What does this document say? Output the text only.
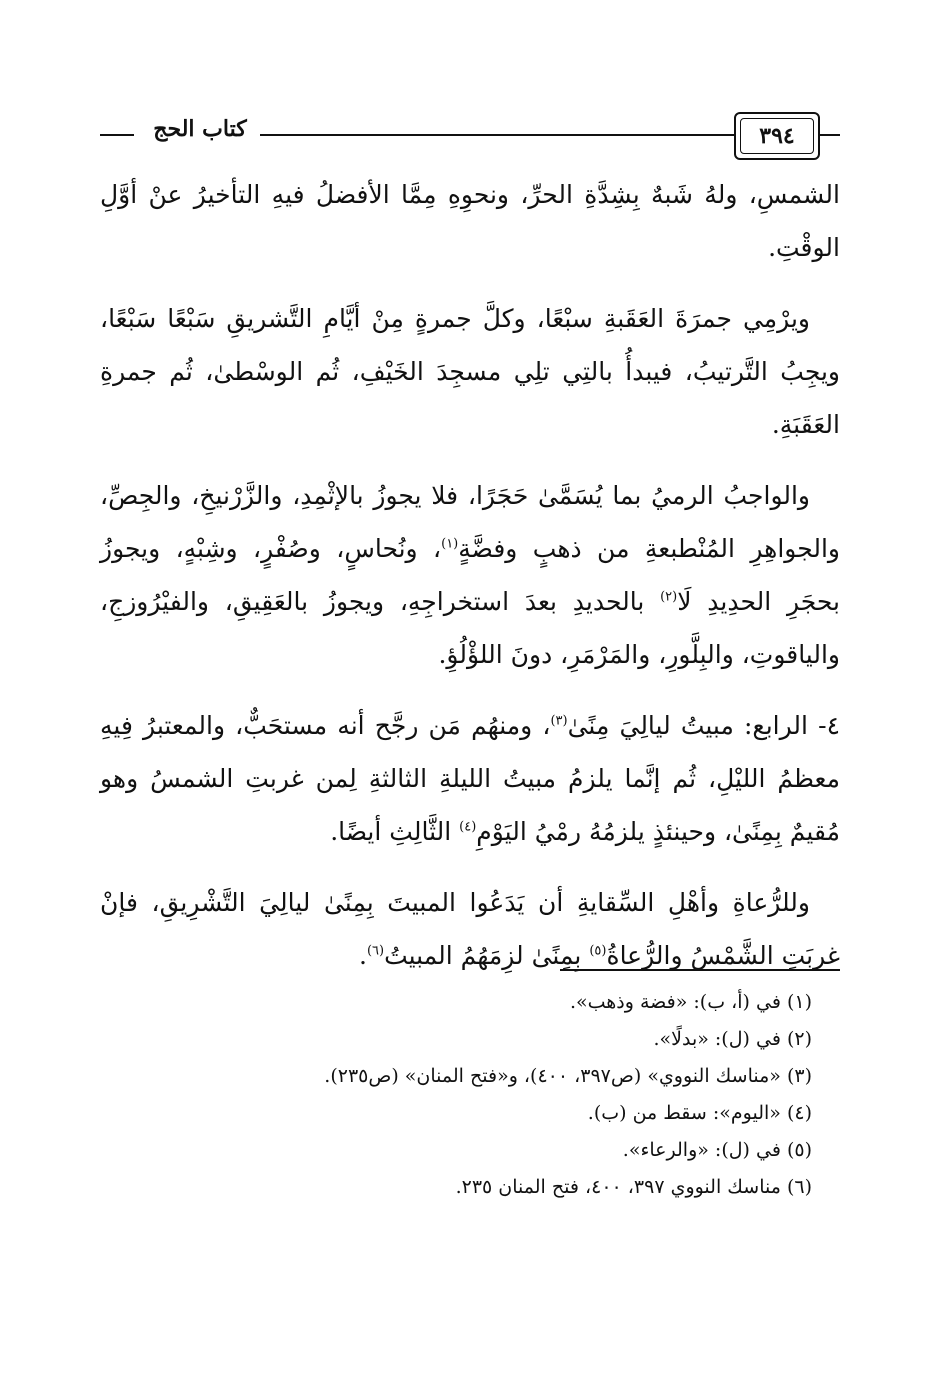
كتاب الحج	٣٩٤

الشمسِ، ولهُ شَبهٌ بِشِدَّةِ الحرِّ، ونحوِهِ مِمَّا الأفضلُ فيهِ التأخيرُ عنْ أوَّلِ الوقْتِ.

ويرْمِي جمرَةَ العَقَبةِ سبْعًا، وكلَّ جمرةٍ مِنْ أيَّامِ التَّشريقِ سَبْعًا سَبْعًا، ويجِبُ التَّرتيبُ، فيبدأُ بالتِي تلِي مسجِدَ الخَيْفِ، ثُم الوسْطىٰ، ثُم جمرةِ العَقَبَةِ.

والواجبُ الرميُ بما يُسَمَّىٰ حَجَرًا، فلا يجوزُ بالإثْمِدِ، والزَّرْنيخِ، والجِصِّ، والجواهِرِ المُنْطبعةِ من ذهبٍ وفضَّةٍ$^{(١)}$، ونُحاسٍ، وصُفْرٍ، وشِبْهٍ، ويجوزُ بحجَرِ الحدِيدِ لَا$^{(٢)}$ بالحديدِ بعدَ استخراجِهِ، ويجوزُ بالعَقِيقِ، والفيْرُوزجِ، والياقوتِ، والبِلَّورِ، والمَرْمَرِ، دونَ اللؤْلُؤِ.

٤- الرابع: مبيتُ ليالِيَ مِنًىٰ$^{(٣)}$، ومنهُم مَن رجَّح أنه مستحَبٌّ، والمعتبرُ فِيهِ معظمُ الليْلِ، ثُم إنَّما يلزمُ مبيتُ الليلةِ الثالثةِ لِمن غربتِ الشمسُ وهو مُقيمٌ بِمِنًىٰ، وحينئذٍ يلزمُهُ رمْيُ اليَوْمِ$^{(٤)}$ الثَّالِثِ أيضًا.

وللرُّعاةِ وأهْلِ السِّقايةِ أن يَدَعُوا المبيتَ بِمِنًىٰ ليالِيَ التَّشْرِيقِ، فإنْ غربَتِ الشَّمْسُ والرُّعاةُ$^{(٥)}$ بِمِنًىٰ لزِمَهُمُ المبيتُ$^{(٦)}$.

(١) في (أ، ب): «فضة وذهب».
(٢) في (ل): «بدلًا».
(٣) «مناسك النووي» (ص٣٩٧، ٤٠٠)، و«فتح المنان» (ص٢٣٥).
(٤) «اليوم»: سقط من (ب).
(٥) في (ل): «والرعاء».
(٦) مناسك النووي ٣٩٧، ٤٠٠، فتح المنان ٢٣٥.
